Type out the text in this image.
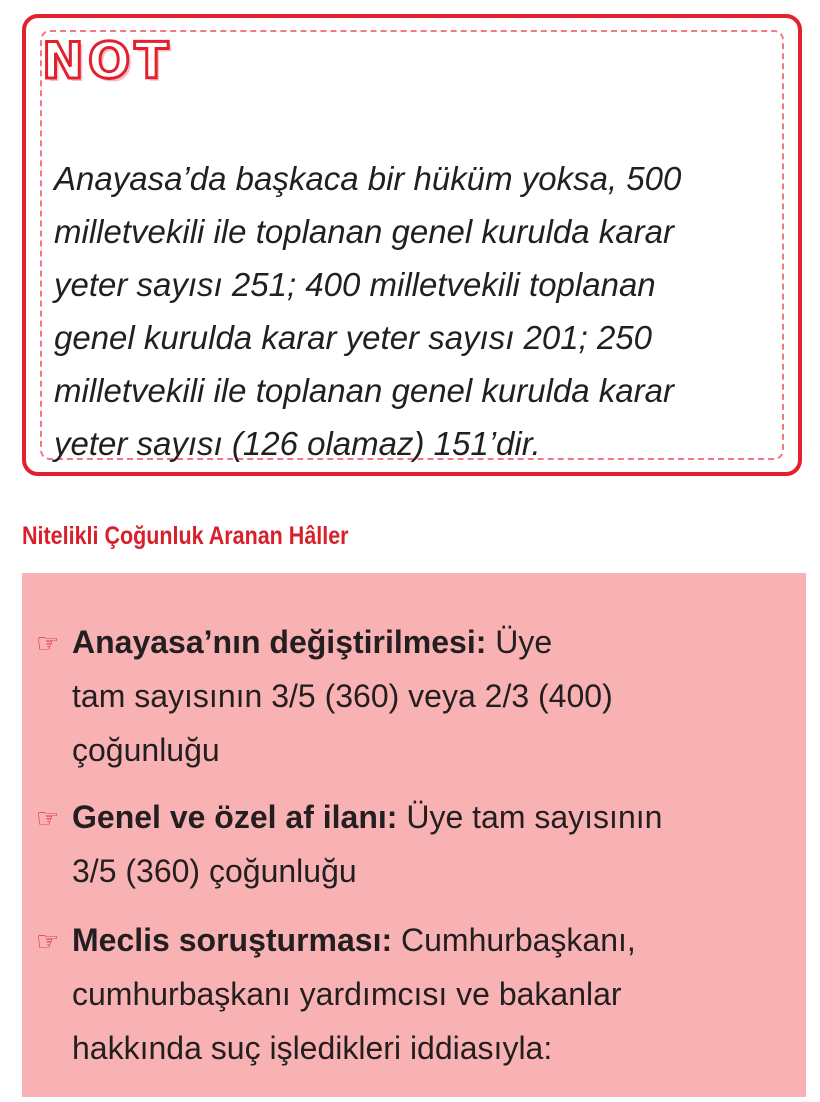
NOT

Anayasa’da başkaca bir hüküm yoksa, 500
milletvekili ile toplanan genel kurulda karar
yeter sayısı 251; 400 milletvekili toplanan
genel kurulda karar yeter sayısı 201; 250
milletvekili ile toplanan genel kurulda karar
yeter sayısı (126 olamaz) 151’dir.

Nitelikli Çoğunluk Aranan Hâller

☞ Anayasa’nın değiştirilmesi: Üye
tam sayısının 3/5 (360) veya 2/3 (400)
çoğunluğu

☞ Genel ve özel af ilanı: Üye tam sayısının
3/5 (360) çoğunluğu

☞ Meclis soruşturması: Cumhurbaşkanı,
cumhurbaşkanı yardımcısı ve bakanlar
hakkında suç işledikleri iddiasıyla:
